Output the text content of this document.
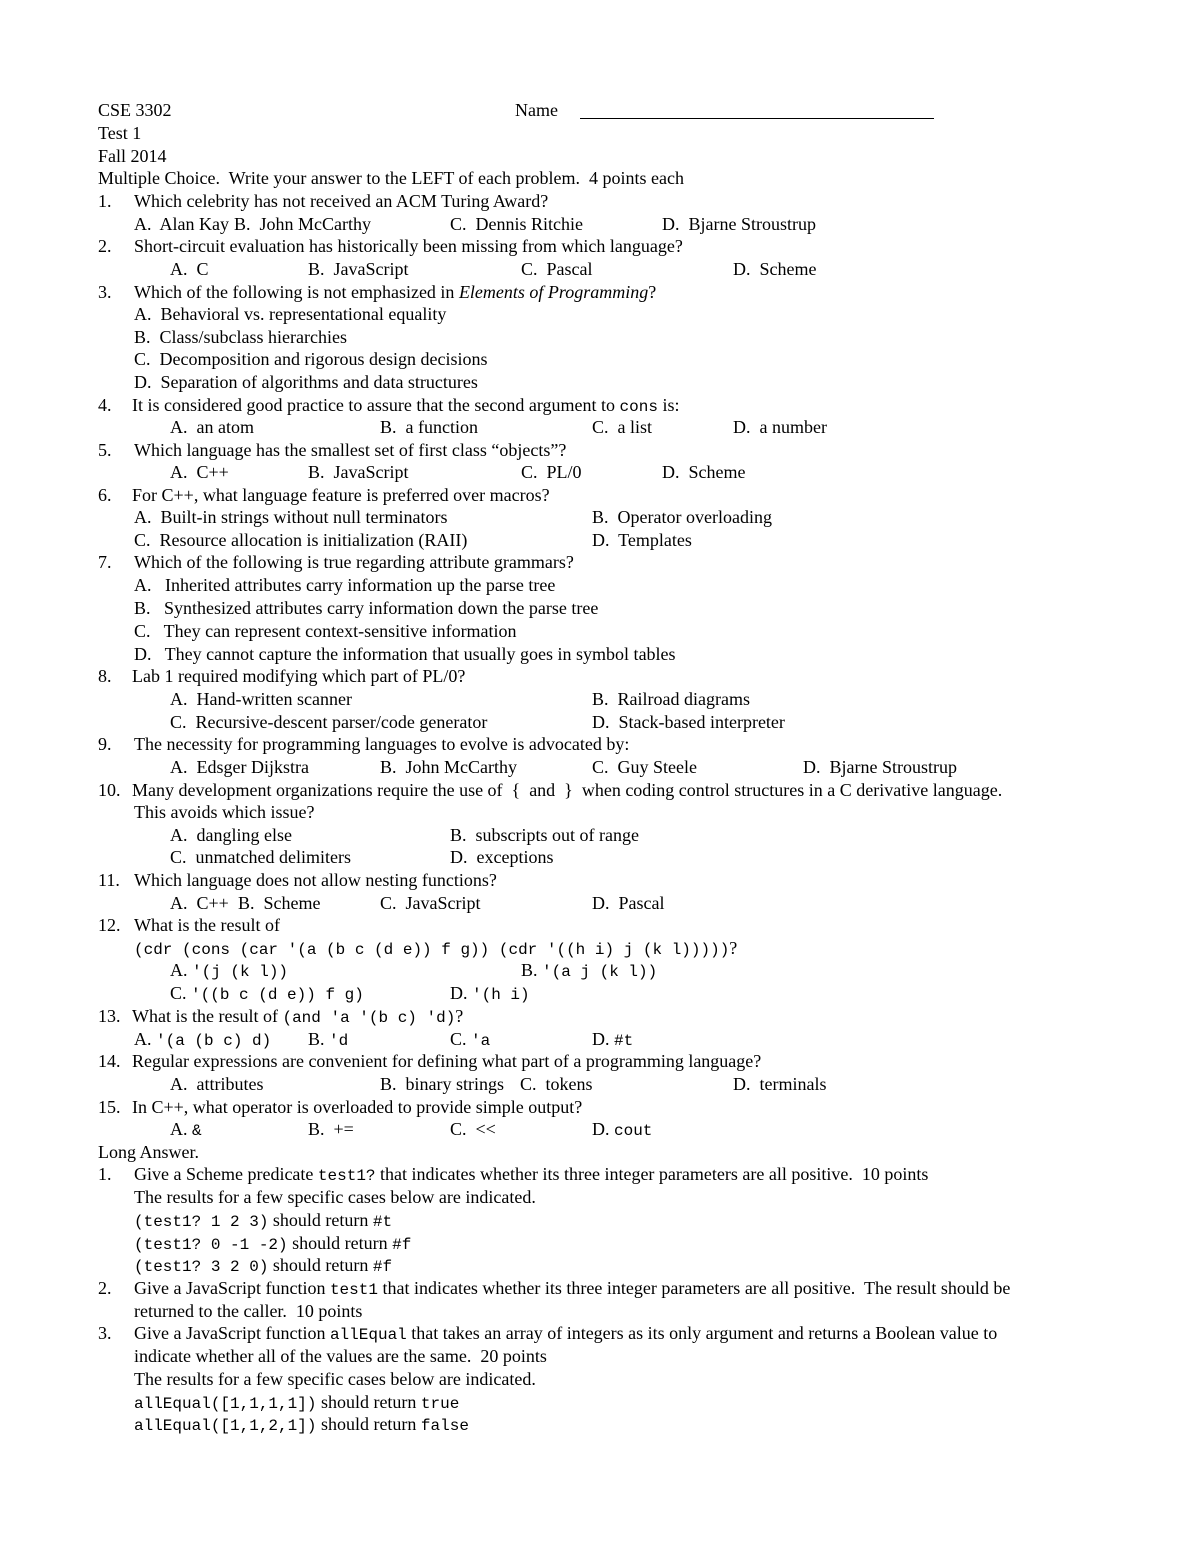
CSE 3302	Name
Test 1
Fall 2014
Multiple Choice.  Write your answer to the LEFT of each problem.  4 points each
1. Which celebrity has not received an ACM Turing Award?
A.  Alan Kay B.  John McCarthy	C.  Dennis Ritchie	D.  Bjarne Stroustrup
2. Short-circuit evaluation has historically been missing from which language?
A.  C	B.  JavaScript	C.  Pascal	D.  Scheme
3. Which of the following is not emphasized in Elements of Programming?
A.  Behavioral vs. representational equality
B.  Class/subclass hierarchies
C.  Decomposition and rigorous design decisions
D.  Separation of algorithms and data structures
4. It is considered good practice to assure that the second argument to cons is:
A.  an atom	B.  a function	C.  a list	D.  a number
5. Which language has the smallest set of first class “objects”?
A.  C++	B.  JavaScript	C.  PL/0	D.  Scheme
6. For C++, what language feature is preferred over macros?
A.  Built-in strings without null terminators	B.  Operator overloading
C.  Resource allocation is initialization (RAII)	D.  Templates
7. Which of the following is true regarding attribute grammars?
A.   Inherited attributes carry information up the parse tree
B.   Synthesized attributes carry information down the parse tree
C.   They can represent context-sensitive information
D.   They cannot capture the information that usually goes in symbol tables
8. Lab 1 required modifying which part of PL/0?
A.  Hand-written scanner	B.  Railroad diagrams
C.  Recursive-descent parser/code generator	D.  Stack-based interpreter
9. The necessity for programming languages to evolve is advocated by:
A.  Edsger Dijkstra	B.  John McCarthy	C.  Guy Steele	D.  Bjarne Stroustrup
10. Many development organizations require the use of  {  and  }  when coding control structures in a C derivative language.
This avoids which issue?
A.  dangling else	B.  subscripts out of range
C.  unmatched delimiters	D.  exceptions
11. Which language does not allow nesting functions?
A.  C++ B.  Scheme	C.  JavaScript	D.  Pascal
12. What is the result of
(cdr (cons (car '(a (b c (d e)) f g)) (cdr '((h i) j (k l)))))?
A. '(j (k l))	B. '(a j (k l))
C. '((b c (d e)) f g)	D. '(h i)
13. What is the result of (and 'a '(b c) 'd)?
A. '(a (b c) d) B. 'd	C. 'a	D. #t
14. Regular expressions are convenient for defining what part of a programming language?
A.  attributes	B.  binary strings C.  tokens	D.  terminals
15. In C++, what operator is overloaded to provide simple output?
A. &	B.  +=	C.  <<	D. cout
Long Answer.
1. Give a Scheme predicate test1? that indicates whether its three integer parameters are all positive.  10 points
The results for a few specific cases below are indicated.
(test1? 1 2 3) should return #t
(test1? 0 -1 -2) should return #f
(test1? 3 2 0) should return #f
2. Give a JavaScript function test1 that indicates whether its three integer parameters are all positive.  The result should be
returned to the caller.  10 points
3. Give a JavaScript function allEqual that takes an array of integers as its only argument and returns a Boolean value to
indicate whether all of the values are the same.  20 points
The results for a few specific cases below are indicated.
allEqual([1,1,1,1]) should return true
allEqual([1,1,2,1]) should return false
